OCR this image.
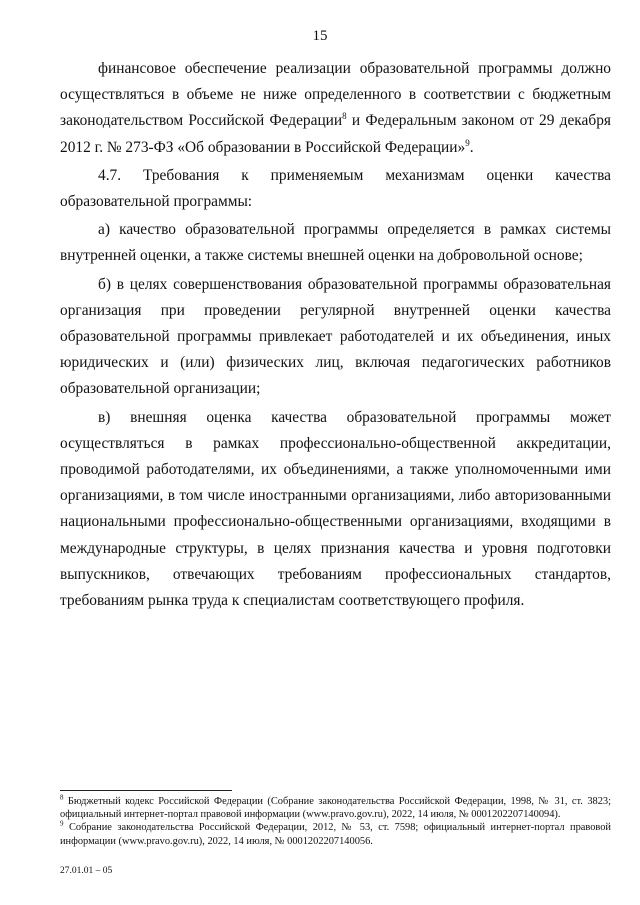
15

финансовое обеспечение реализации образовательной программы должно осуществляться в объеме не ниже определенного в соответствии с бюджетным законодательством Российской Федерации$^8$ и Федеральным законом от 29 декабря 2012 г. № 273-ФЗ «Об образовании в Российской Федерации»$^9$.

4.7. Требования к применяемым механизмам оценки качества образовательной программы:

а) качество образовательной программы определяется в рамках системы внутренней оценки, а также системы внешней оценки на добровольной основе;

б) в целях совершенствования образовательной программы образовательная организация при проведении регулярной внутренней оценки качества образовательной программы привлекает работодателей и их объединения, иных юридических и (или) физических лиц, включая педагогических работников образовательной организации;

в) внешняя оценка качества образовательной программы может осуществляться в рамках профессионально-общественной аккредитации, проводимой работодателями, их объединениями, а также уполномоченными ими организациями, в том числе иностранными организациями, либо авторизованными национальными профессионально-общественными организациями, входящими в международные структуры, в целях признания качества и уровня подготовки выпускников, отвечающих требованиям профессиональных стандартов, требованиям рынка труда к специалистам соответствующего профиля.

$^8$ Бюджетный кодекс Российской Федерации (Собрание законодательства Российской Федерации, 1998, № 31, ст. 3823; официальный интернет-портал правовой информации (www.pravo.gov.ru), 2022, 14 июля, № 0001202207140094).

$^9$ Собрание законодательства Российской Федерации, 2012, № 53, ст. 7598; официальный интернет-портал правовой информации (www.pravo.gov.ru), 2022, 14 июля, № 0001202207140056.

27.01.01 – 05
